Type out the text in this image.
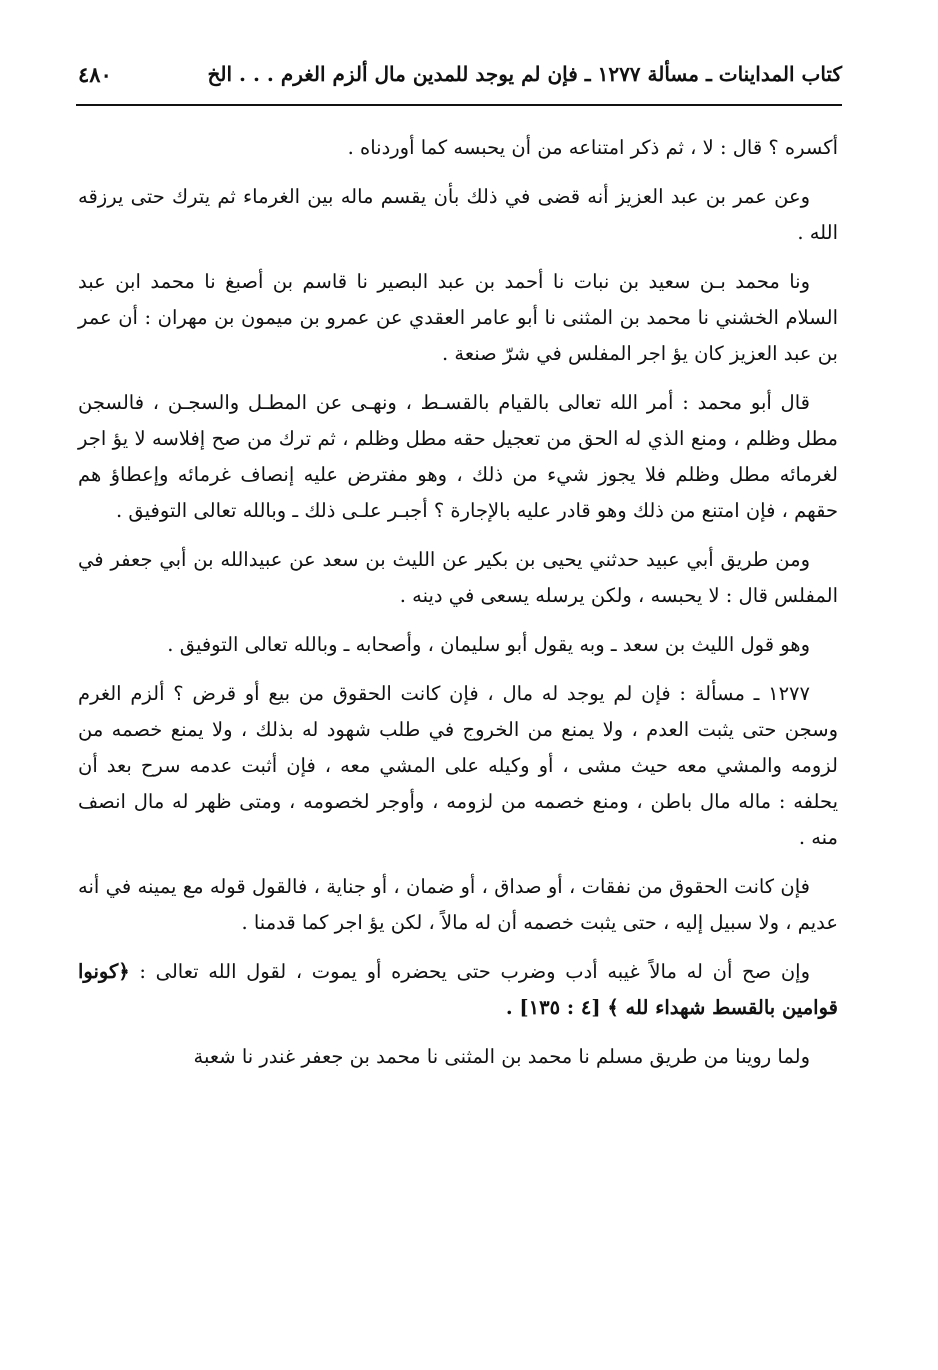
كتاب المداينات ـ مسألة ١٢٧٧ ـ فإن لم يوجد للمدين مال ألزم الغرم . . . الخ
٤٨٠

أكسره ؟ قال : لا ، ثم ذكر امتناعه من أن يحبسه كما أوردناه .

وعن عمر بن عبد العزيز أنه قضى في ذلك بأن يقسم ماله بين الغرماء ثم يترك حتى يرزقه الله .

ونا محمد بـن سعيد بن نبات نا أحمد بن عبد البصير نا قاسم بن أصبغ نا محمد ابن عبد السلام الخشني نا محمد بن المثنى نا أبو عامر العقدي عن عمرو بن ميمون بن مهران : أن عمر بن عبد العزيز كان يؤ اجر المفلس في شرّ صنعة .

قال أبو محمد : أمر الله تعالى بالقيام بالقسـط ، ونهـى عن المطـل والسجـن ، فالسجن مطل وظلم ، ومنع الذي له الحق من تعجيل حقه مطل وظلم ، ثم ترك من صح إفلاسه لا يؤ اجر لغرمائه مطل وظلم فلا يجوز شيء من ذلك ، وهو مفترض عليه إنصاف غرمائه وإعطاؤ هم حقهم ، فإن امتنع من ذلك وهو قادر عليه بالإجارة ؟ أجبـر علـى ذلك ـ وبالله تعالى التوفيق .

ومن طريق أبي عبيد حدثني يحيى بن بكير عن الليث بن سعد عن عبيدالله بن أبي جعفر في المفلس قال : لا يحبسه ، ولكن يرسله يسعى في دينه .

وهو قول الليث بن سعد ـ وبه يقول أبو سليمان ، وأصحابه ـ وبالله تعالى التوفيق .

١٢٧٧ ـ مسألة : فإن لم يوجد له مال ، فإن كانت الحقوق من بيع أو قرض ؟ ألزم الغرم وسجن حتى يثبت العدم ، ولا يمنع من الخروج في طلب شهود له بذلك ، ولا يمنع خصمه من لزومه والمشي معه حيث مشى ، أو وكيله على المشي معه ، فإن أثبت عدمه سرح بعد أن يحلفه : ماله مال باطن ، ومنع خصمه من لزومه ، وأوجر لخصومه ، ومتى ظهر له مال انصف منه .

فإن كانت الحقوق من نفقات ، أو صداق ، أو ضمان ، أو جناية ، فالقول قوله مع يمينه في أنه عديم ، ولا سبيل إليه ، حتى يثبت خصمه أن له مالاً ، لكن يؤ اجر كما قدمنا .

وإن صح أن له مالاً غيبه أدب وضرب حتى يحضره أو يموت ، لقول الله تعالى : ﴿كونوا قوامين بالقسط شهداء لله ﴾ [٤ : ١٣٥] .

ولما روينا من طريق مسلم نا محمد بن المثنى نا محمد بن جعفر غندر نا شعبة
